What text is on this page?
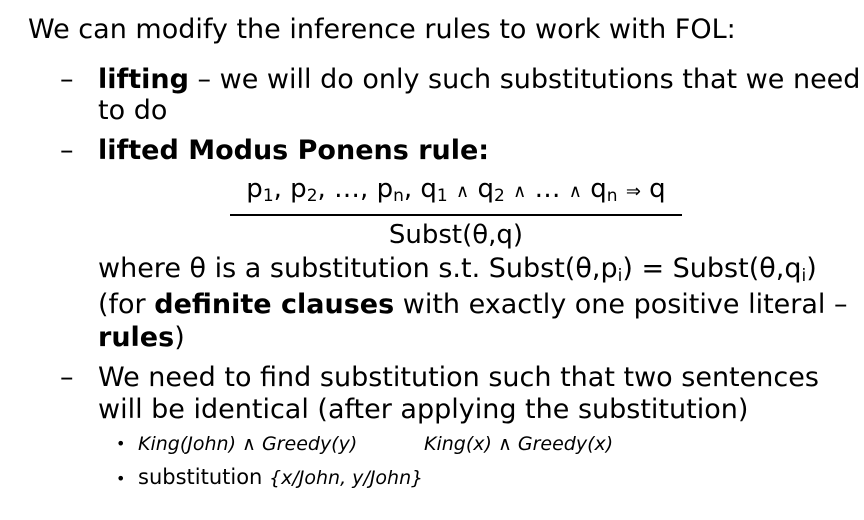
We can modify the inference rules to work with FOL:
– lifting – we will do only such substitutions that we need
to do
– lifted Modus Ponens rule:
$p_1$, $p_2$, …, $p_n$, $q_1$ ∧ $q_2$ ∧ … ∧ $q_n$ ⇒ q
Subst(θ,q)
where θ is a substitution s.t. $Subst(\theta,p_i)$ = $Subst(\theta,q_i)$
(for definite clauses with exactly one positive literal –
rules)
– We need to find substitution such that two sentences
will be identical (after applying the substitution)
• King(John) ∧ Greedy(y)	King(x) ∧ Greedy(x)
• substitution {x/John, y/John}
